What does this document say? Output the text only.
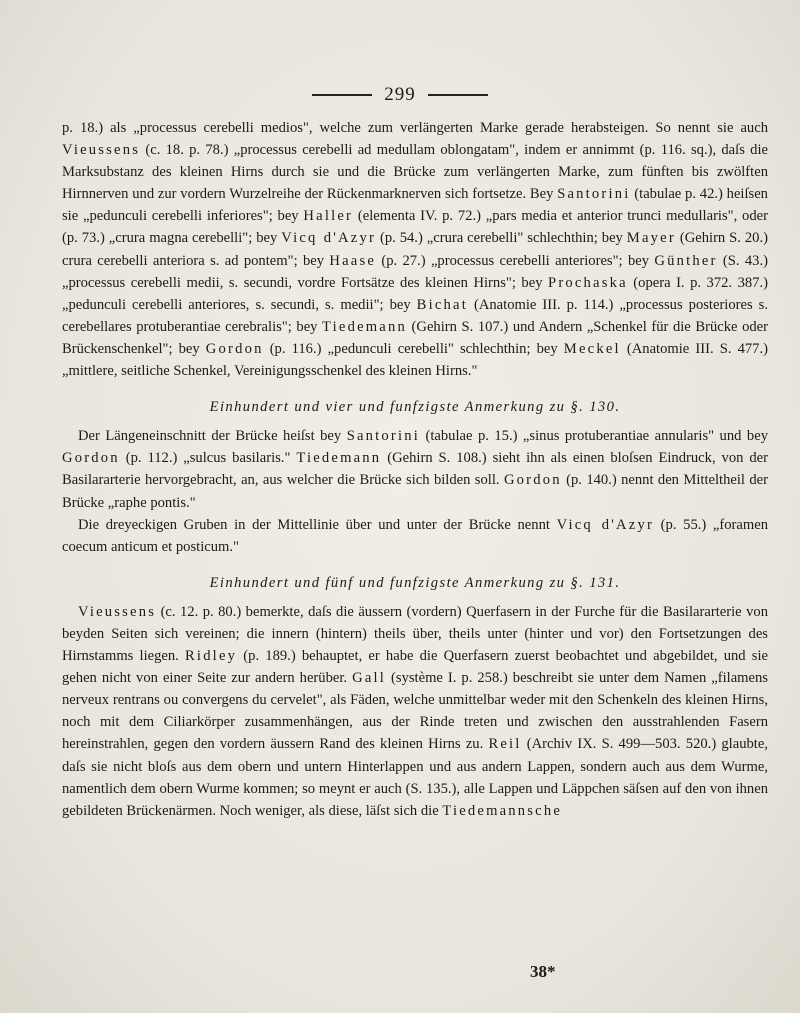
299

p. 18.) als „processus cerebelli medios", welche zum verlängerten Marke gerade herabsteigen. So nennt sie auch Vieussens (c. 18. p. 78.) „processus cerebelli ad medullam oblongatam", indem er annimmt (p. 116. sq.), daſs die Marksubstanz des kleinen Hirns durch sie und die Brücke zum verlängerten Marke, zum fünften bis zwölften Hirnnerven und zur vordern Wurzelreihe der Rückenmarknerven sich fortsetze. Bey Santorini (tabulae p. 42.) heiſsen sie „pedunculi cerebelli inferiores"; bey Haller (elementa IV. p. 72.) „pars media et anterior trunci medullaris", oder (p. 73.) „crura magna cerebelli"; bey Vicq d'Azyr (p. 54.) „crura cerebelli" schlechthin; bey Mayer (Gehirn S. 20.) crura cerebelli anteriora s. ad pontem"; bey Haase (p. 27.) „processus cerebelli anteriores"; bey Günther (S. 43.) „processus cerebelli medii, s. secundi, vordre Fortsätze des kleinen Hirns"; bey Prochaska (opera I. p. 372. 387.) „pedunculi cerebelli anteriores, s. secundi, s. medii"; bey Bichat (Anatomie III. p. 114.) „processus posteriores s. cerebellares protuberantiae cerebralis"; bey Tiedemann (Gehirn S. 107.) und Andern „Schenkel für die Brücke oder Brückenschenkel"; bey Gordon (p. 116.) „pedunculi cerebelli" schlechthin; bey Meckel (Anatomie III. S. 477.) „mittlere, seitliche Schenkel, Vereinigungsschenkel des kleinen Hirns."

Einhundert und vier und funfzigste Anmerkung zu §. 130.

Der Längeneinschnitt der Brücke heiſst bey Santorini (tabulae p. 15.) „sinus protuberantiae annularis" und bey Gordon (p. 112.) „sulcus basilaris." Tiedemann (Gehirn S. 108.) sieht ihn als einen bloſsen Eindruck, von der Basilararterie hervorgebracht, an, aus welcher die Brücke sich bilden soll. Gordon (p. 140.) nennt den Mitteltheil der Brücke „raphe pontis."

Die dreyeckigen Gruben in der Mittellinie über und unter der Brücke nennt Vicq d'Azyr (p. 55.) „foramen coecum anticum et posticum."

Einhundert und fünf und funfzigste Anmerkung zu §. 131.

Vieussens (c. 12. p. 80.) bemerkte, daſs die äussern (vordern) Querfasern in der Furche für die Basilararterie von beyden Seiten sich vereinen; die innern (hintern) theils über, theils unter (hinter und vor) den Fortsetzungen des Hirnstamms liegen. Ridley (p. 189.) behauptet, er habe die Querfasern zuerst beobachtet und abgebildet, und sie gehen nicht von einer Seite zur andern herüber. Gall (système I. p. 258.) beschreibt sie unter dem Namen „filamens nerveux rentrans ou convergens du cervelet", als Fäden, welche unmittelbar weder mit den Schenkeln des kleinen Hirns, noch mit dem Ciliarkörper zusammenhängen, aus der Rinde treten und zwischen den ausstrahlenden Fasern hereinstrahlen, gegen den vordern äussern Rand des kleinen Hirns zu. Reil (Archiv IX. S. 499—503. 520.) glaubte, daſs sie nicht bloſs aus dem obern und untern Hinterlappen und aus andern Lappen, sondern auch aus dem Wurme, namentlich dem obern Wurme kommen; so meynt er auch (S. 135.), alle Lappen und Läppchen säſsen auf den von ihnen gebildeten Brückenärmen. Noch weniger, als diese, läſst sich die Tiedemannsche

38*
